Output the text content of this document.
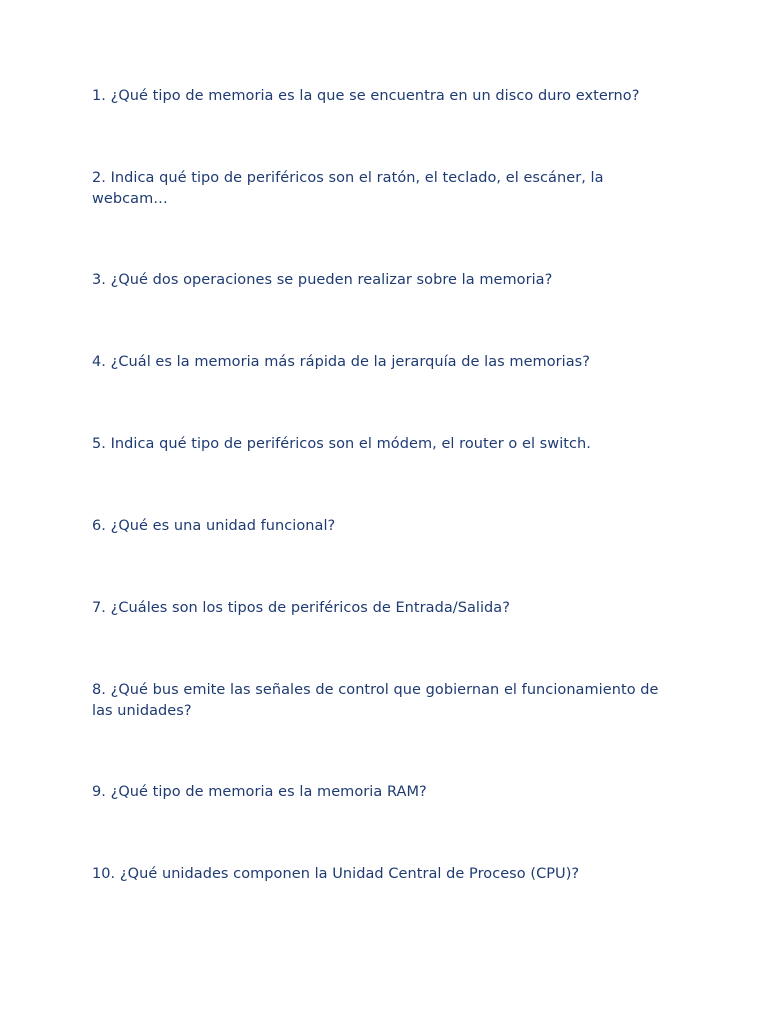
1. ¿Qué tipo de memoria es la que se encuentra en un disco duro externo?

2. Indica qué tipo de periféricos son el ratón, el teclado, el escáner, la webcam…

3. ¿Qué dos operaciones se pueden realizar sobre la memoria?

4. ¿Cuál es la memoria más rápida de la jerarquía de las memorias?

5. Indica qué tipo de periféricos son el módem, el router o el switch.

6. ¿Qué es una unidad funcional?

7. ¿Cuáles son los tipos de periféricos de Entrada/Salida?

8. ¿Qué bus emite las señales de control que gobiernan el funcionamiento de las unidades?

9. ¿Qué tipo de memoria es la memoria RAM?

10. ¿Qué unidades componen la Unidad Central de Proceso (CPU)?
